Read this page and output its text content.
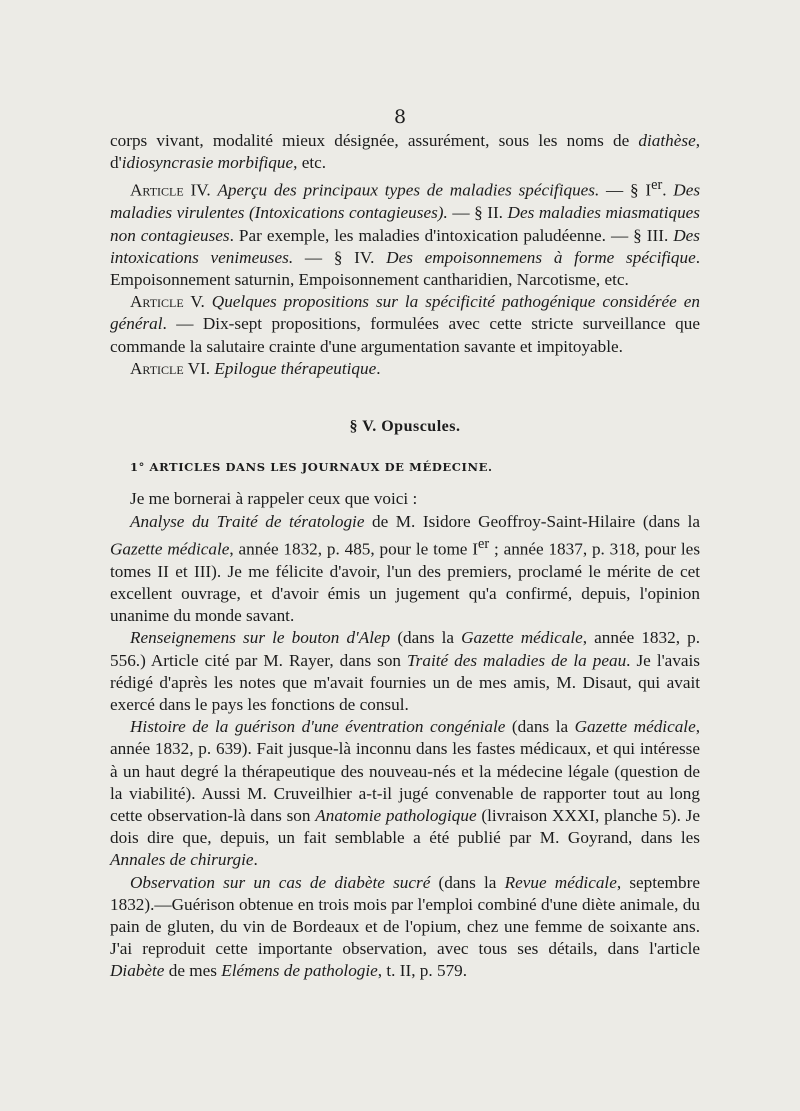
8

corps vivant, modalité mieux désignée, assurément, sous les noms de diathèse, d'idiosyncrasie morbifique, etc.

Article IV. Aperçu des principaux types de maladies spécifiques. — § Ier. Des maladies virulentes (Intoxications contagieuses). — § II. Des maladies miasmatiques non contagieuses. Par exemple, les maladies d'intoxication paludéenne. — § III. Des intoxications venimeuses. — § IV. Des empoisonnemens à forme spécifique. Empoisonnement saturnin, Empoisonnement cantharidien, Narcotisme, etc.

Article V. Quelques propositions sur la spécificité pathogénique considérée en général. — Dix-sept propositions, formulées avec cette stricte surveillance que commande la salutaire crainte d'une argumentation savante et impitoyable.

Article VI. Epilogue thérapeutique.

§ V. Opuscules.

1° ARTICLES DANS LES JOURNAUX DE MÉDECINE.

Je me bornerai à rappeler ceux que voici :

Analyse du Traité de tératologie de M. Isidore Geoffroy-Saint-Hilaire (dans la Gazette médicale, année 1832, p. 485, pour le tome Ier ; année 1837, p. 318, pour les tomes II et III). Je me félicite d'avoir, l'un des premiers, proclamé le mérite de cet excellent ouvrage, et d'avoir émis un jugement qu'a confirmé, depuis, l'opinion unanime du monde savant.

Renseignemens sur le bouton d'Alep (dans la Gazette médicale, année 1832, p. 556.) Article cité par M. Rayer, dans son Traité des maladies de la peau. Je l'avais rédigé d'après les notes que m'avait fournies un de mes amis, M. Disaut, qui avait exercé dans le pays les fonctions de consul.

Histoire de la guérison d'une éventration congéniale (dans la Gazette médicale, année 1832, p. 639). Fait jusque-là inconnu dans les fastes médicaux, et qui intéresse à un haut degré la thérapeutique des nouveau-nés et la médecine légale (question de la viabilité). Aussi M. Cruveilhier a-t-il jugé convenable de rapporter tout au long cette observation-là dans son Anatomie pathologique (livraison XXXI, planche 5). Je dois dire que, depuis, un fait semblable a été publié par M. Goyrand, dans les Annales de chirurgie.

Observation sur un cas de diabète sucré (dans la Revue médicale, septembre 1832).—Guérison obtenue en trois mois par l'emploi combiné d'une diète animale, du pain de gluten, du vin de Bordeaux et de l'opium, chez une femme de soixante ans. J'ai reproduit cette importante observation, avec tous ses détails, dans l'article Diabète de mes Elémens de pathologie, t. II, p. 579.
